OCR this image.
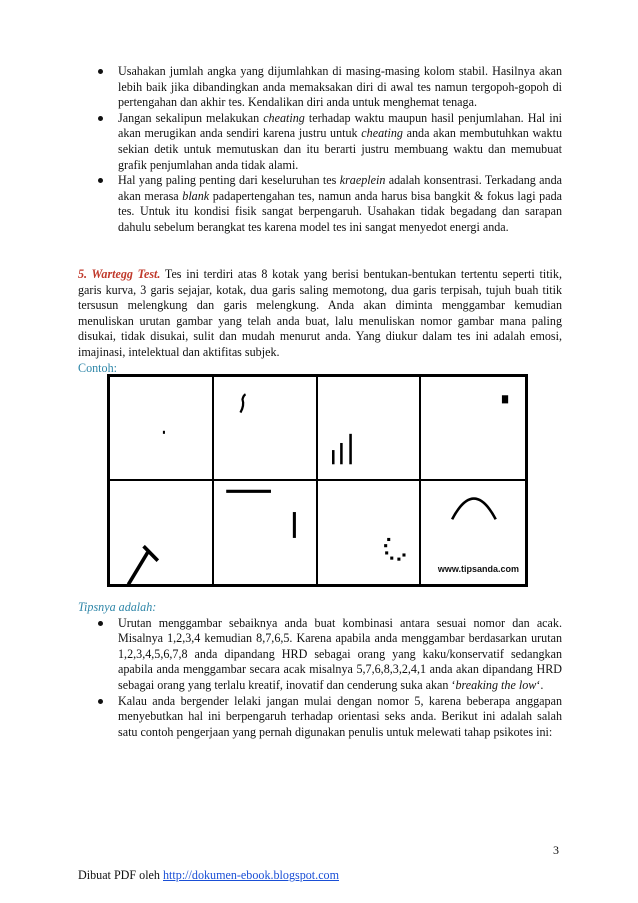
Usahakan jumlah angka yang dijumlahkan di masing-masing kolom stabil. Hasilnya akan lebih baik jika dibandingkan anda memaksakan diri di awal tes namun tergopoh-gopoh di pertengahan dan akhir tes. Kendalikan diri anda untuk menghemat tenaga.
Jangan sekalipun melakukan cheating terhadap waktu maupun hasil penjumlahan. Hal ini akan merugikan anda sendiri karena justru untuk cheating anda akan membutuhkan waktu sekian detik untuk memutuskan dan itu berarti justru membuang waktu dan memubuat grafik penjumlahan anda tidak alami.
Hal yang paling penting dari keseluruhan tes kraeplein adalah konsentrasi. Terkadang anda akan merasa blank padapertengahan tes, namun anda harus bisa bangkit & fokus lagi pada tes. Untuk itu kondisi fisik sangat berpengaruh. Usahakan tidak begadang dan sarapan dahulu sebelum berangkat tes karena model tes ini sangat menyedot energi anda.

5. Wartegg Test. Tes ini terdiri atas 8 kotak yang berisi bentukan-bentukan tertentu seperti titik, garis kurva, 3 garis sejajar, kotak, dua garis saling memotong, dua garis terpisah, tujuh buah titik tersusun melengkung dan garis melengkung. Anda akan diminta menggambar kemudian menuliskan urutan gambar yang telah anda buat, lalu menuliskan nomor gambar mana paling disukai, tidak disukai, sulit dan mudah menurut anda. Yang diukur dalam tes ini adalah emosi, imajinasi, intelektual dan aktifitas subjek.

Contoh:

www.tipsanda.com

Tipsnya adalah:

Urutan menggambar sebaiknya anda buat kombinasi antara sesuai nomor dan acak. Misalnya 1,2,3,4 kemudian 8,7,6,5. Karena apabila anda menggambar berdasarkan urutan 1,2,3,4,5,6,7,8 anda dipandang HRD sebagai orang yang kaku/konservatif sedangkan apabila anda menggambar secara acak misalnya 5,7,6,8,3,2,4,1 anda akan dipandang HRD sebagai orang yang terlalu kreatif, inovatif dan cenderung suka akan ‘breaking the low‘.
Kalau anda bergender lelaki jangan mulai dengan nomor 5, karena beberapa anggapan menyebutkan hal ini berpengaruh terhadap orientasi seks anda. Berikut ini adalah salah satu contoh pengerjaan yang pernah digunakan penulis untuk melewati tahap psikotes ini:
3
Dibuat PDF oleh http://dokumen-ebook.blogspot.com
